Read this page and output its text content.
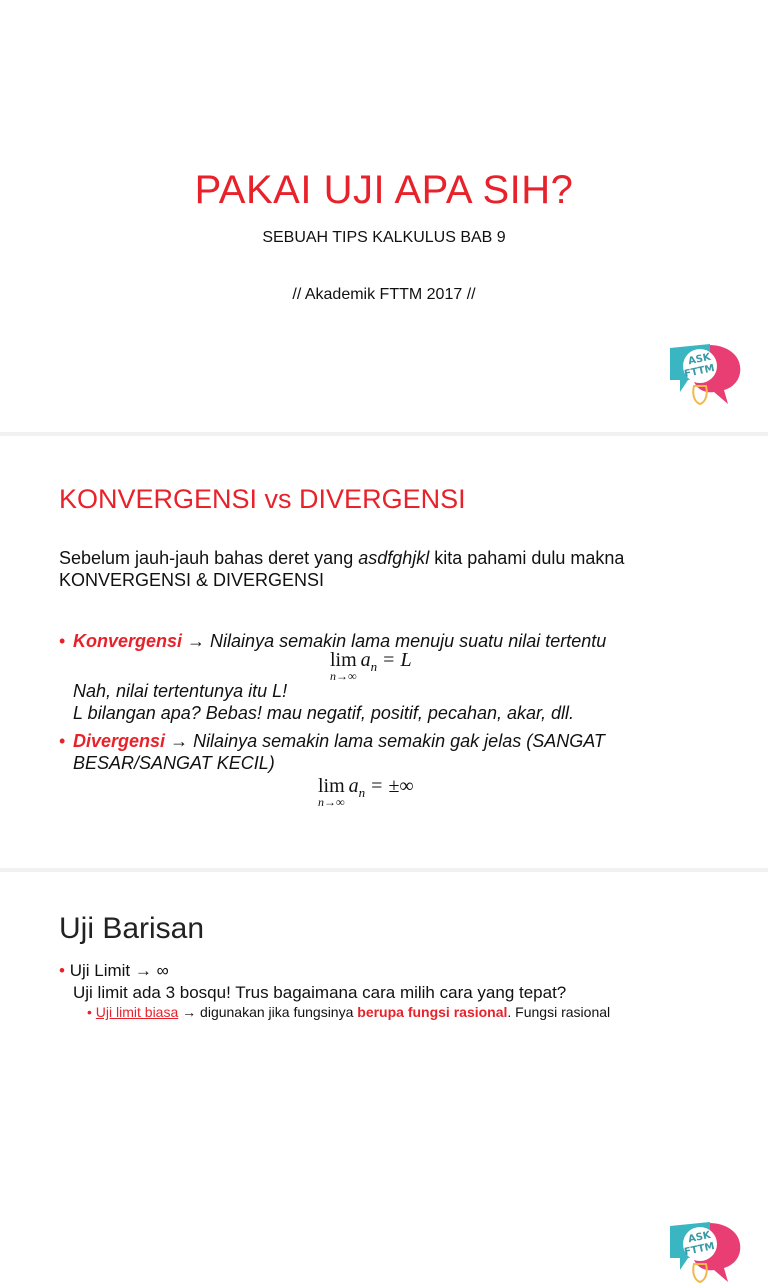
PAKAI UJI APA SIH?
SEBUAH TIPS KALKULUS BAB 9
// Akademik FTTM 2017 //
ASK
FTTM
KONVERGENSI vs DIVERGENSI
Sebelum jauh-jauh bahas deret yang asdfghjkl kita pahami dulu makna
KONVERGENSI & DIVERGENSI
• Konvergensi → Nilainya semakin lama menuju suatu nilai tertentu
lim
n→∞
$a_n = L$
Nah, nilai tertentunya itu L!
L bilangan apa? Bebas! mau negatif, positif, pecahan, akar, dll.
• Divergensi → Nilainya semakin lama semakin gak jelas (SANGAT BESAR/SANGAT KECIL)
lim
n→∞
$a_n$ = ±∞
ASK
FTTM
Uji Barisan
• Uji Limit → ∞
Uji limit ada 3 bosqu! Trus bagaimana cara milih cara yang tepat?
• Uji limit biasa → digunakan jika fungsinya berupa fungsi rasional. Fungsi rasional
